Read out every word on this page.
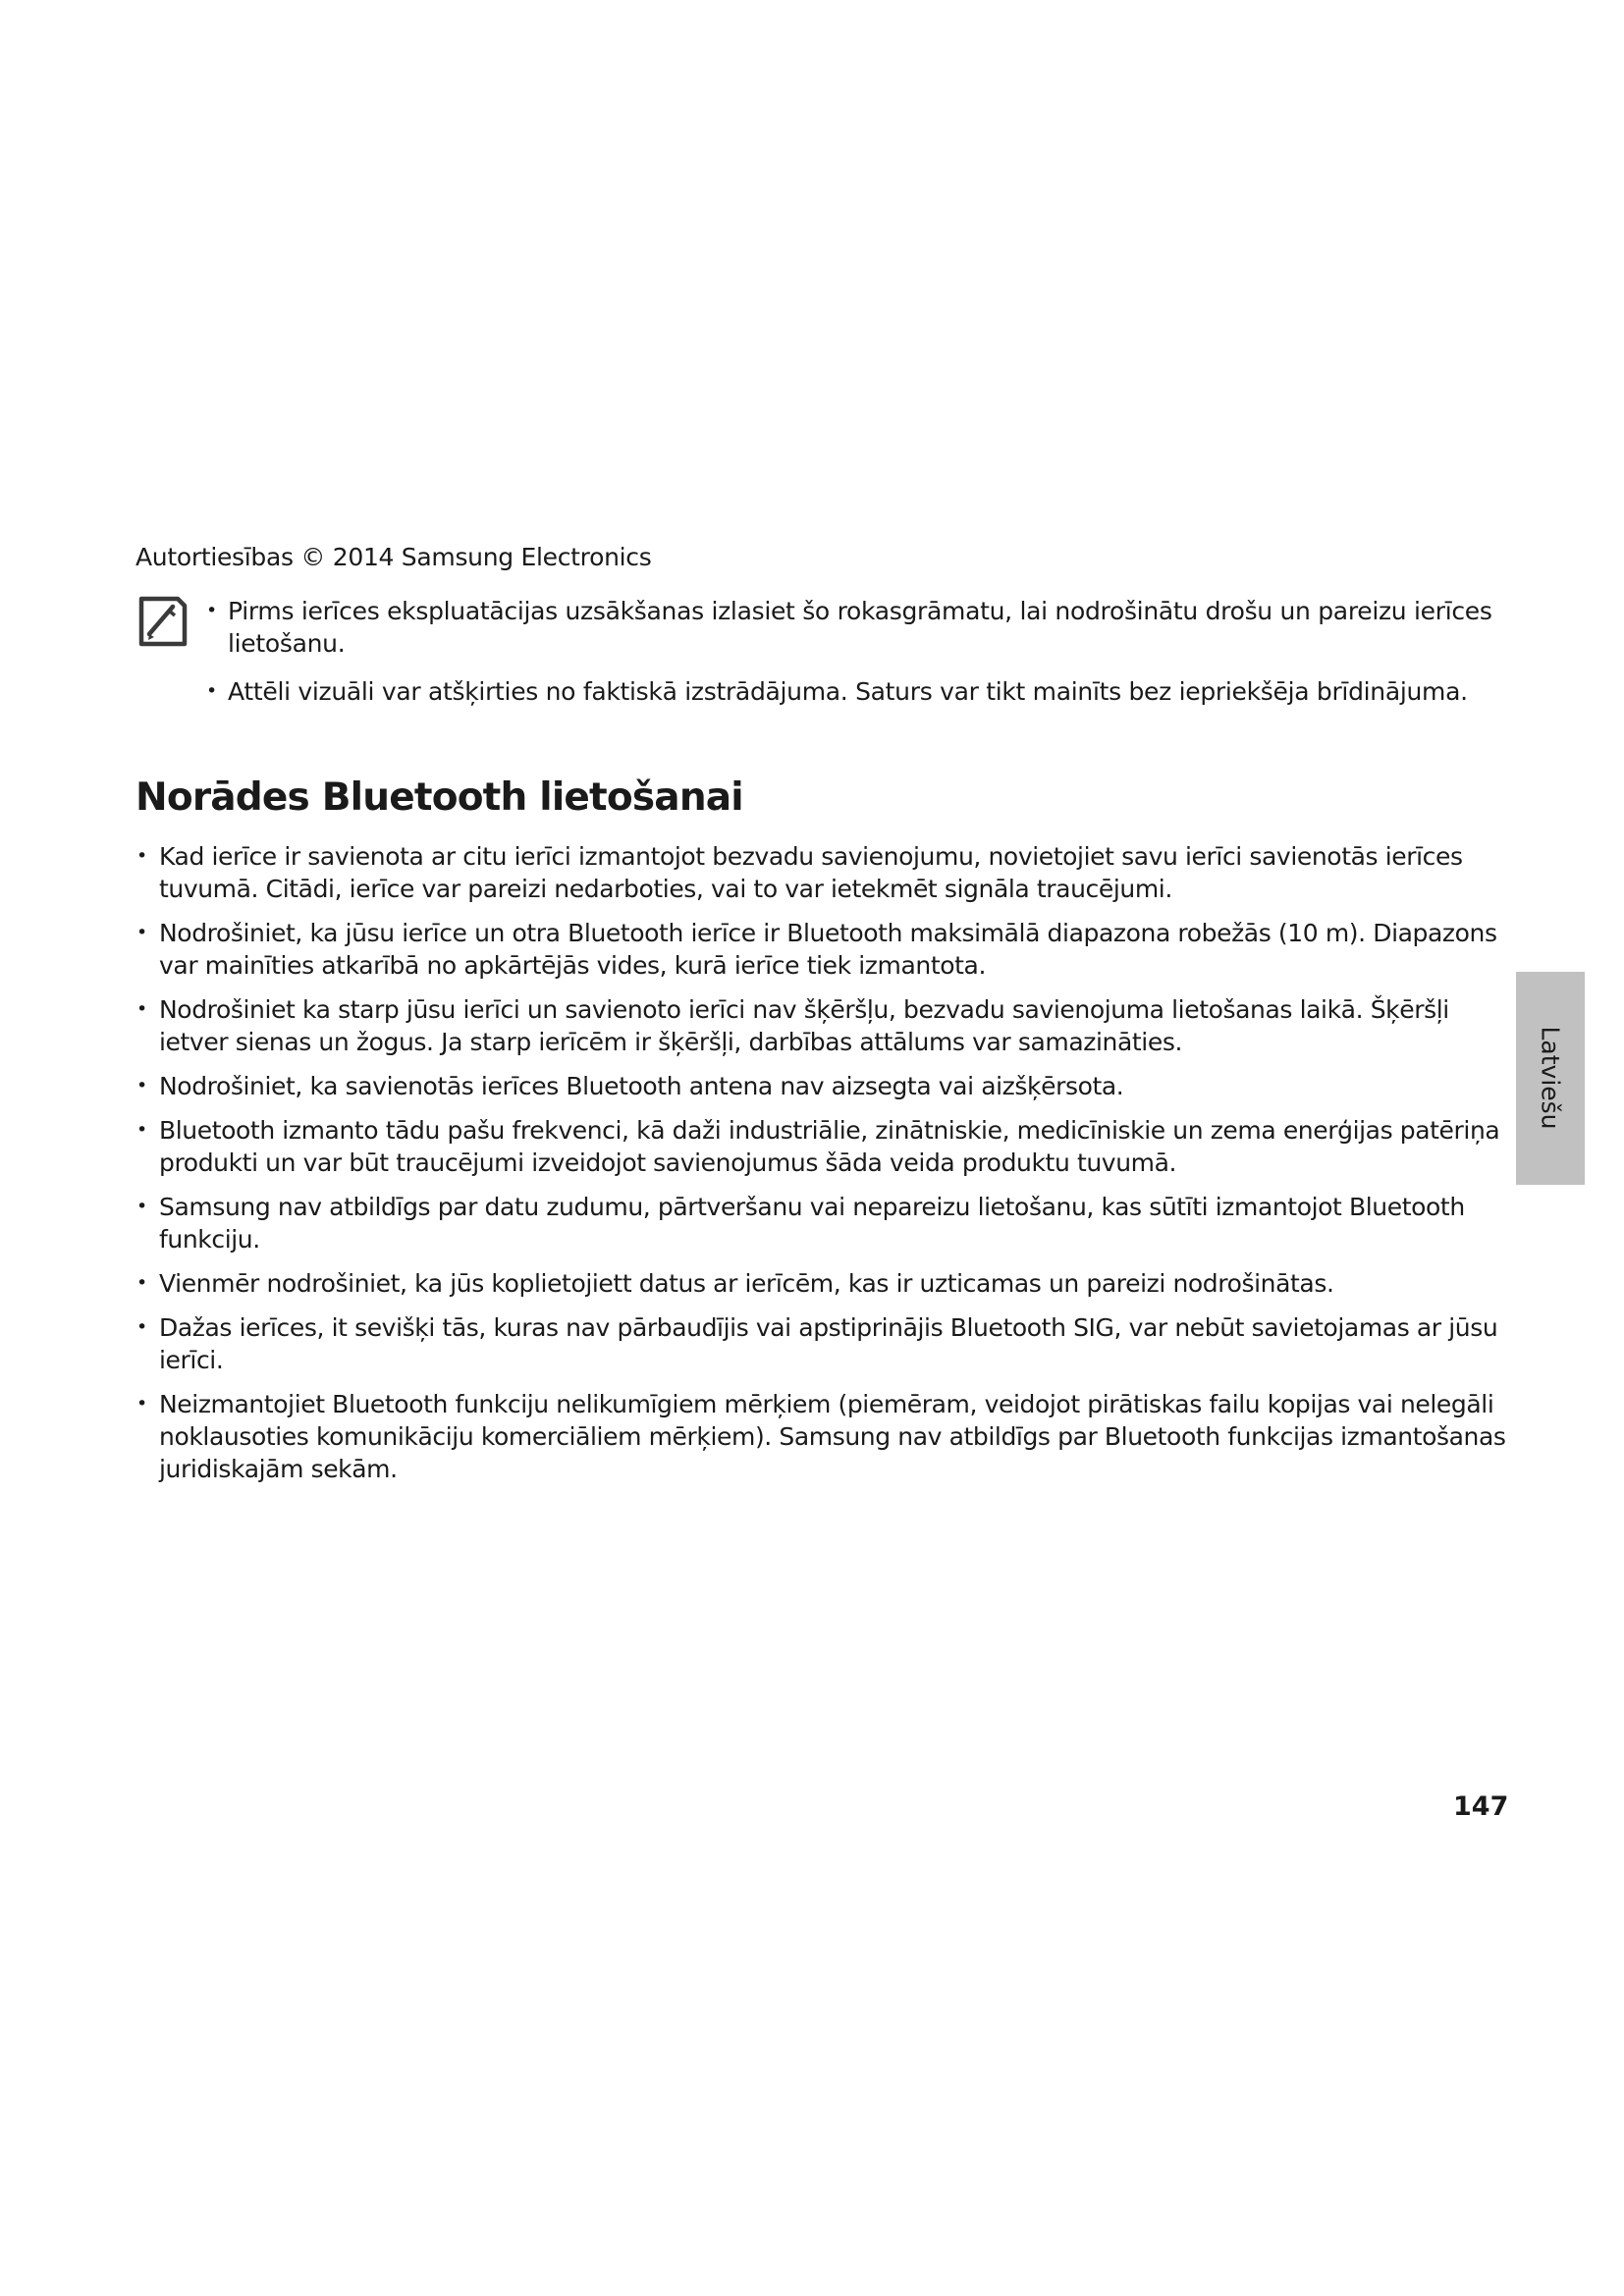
Autortiesības © 2014 Samsung Electronics
• Pirms ierīces ekspluatācijas uzsākšanas izlasiet šo rokasgrāmatu, lai nodrošinātu drošu un pareizu ierīces lietošanu.
• Attēli vizuāli var atšķirties no faktiskā izstrādājuma. Saturs var tikt mainīts bez iepriekšēja brīdinājuma.
Norādes Bluetooth lietošanai
• Kad ierīce ir savienota ar citu ierīci izmantojot bezvadu savienojumu, novietojiet savu ierīci savienotās ierīces tuvumā. Citādi, ierīce var pareizi nedarboties, vai to var ietekmēt signāla traucējumi.
• Nodrošiniet, ka jūsu ierīce un otra Bluetooth ierīce ir Bluetooth maksimālā diapazona robežās (10 m). Diapazons var mainīties atkarībā no apkārtējās vides, kurā ierīce tiek izmantota.
• Nodrošiniet ka starp jūsu ierīci un savienoto ierīci nav šķēršļu, bezvadu savienojuma lietošanas laikā. Šķēršļi ietver sienas un žogus. Ja starp ierīcēm ir šķēršļi, darbības attālums var samazināties.
• Nodrošiniet, ka savienotās ierīces Bluetooth antena nav aizsegta vai aizšķērsota.
• Bluetooth izmanto tādu pašu frekvenci, kā daži industriālie, zinātniskie, medicīniskie un zema enerģijas patēriņa produkti un var būt traucējumi izveidojot savienojumus šāda veida produktu tuvumā.
• Samsung nav atbildīgs par datu zudumu, pārtveršanu vai nepareizu lietošanu, kas sūtīti izmantojot Bluetooth funkciju.
• Vienmēr nodrošiniet, ka jūs koplietojiett datus ar ierīcēm, kas ir uzticamas un pareizi nodrošinātas.
• Dažas ierīces, it sevišķi tās, kuras nav pārbaudījis vai apstiprinājis Bluetooth SIG, var nebūt savietojamas ar jūsu ierīci.
• Neizmantojiet Bluetooth funkciju nelikumīgiem mērķiem (piemēram, veidojot pirātiskas failu kopijas vai nelegāli noklausoties komunikāciju komerciāliem mērķiem). Samsung nav atbildīgs par Bluetooth funkcijas izmantošanas juridiskajām sekām.
Latviešu
147
